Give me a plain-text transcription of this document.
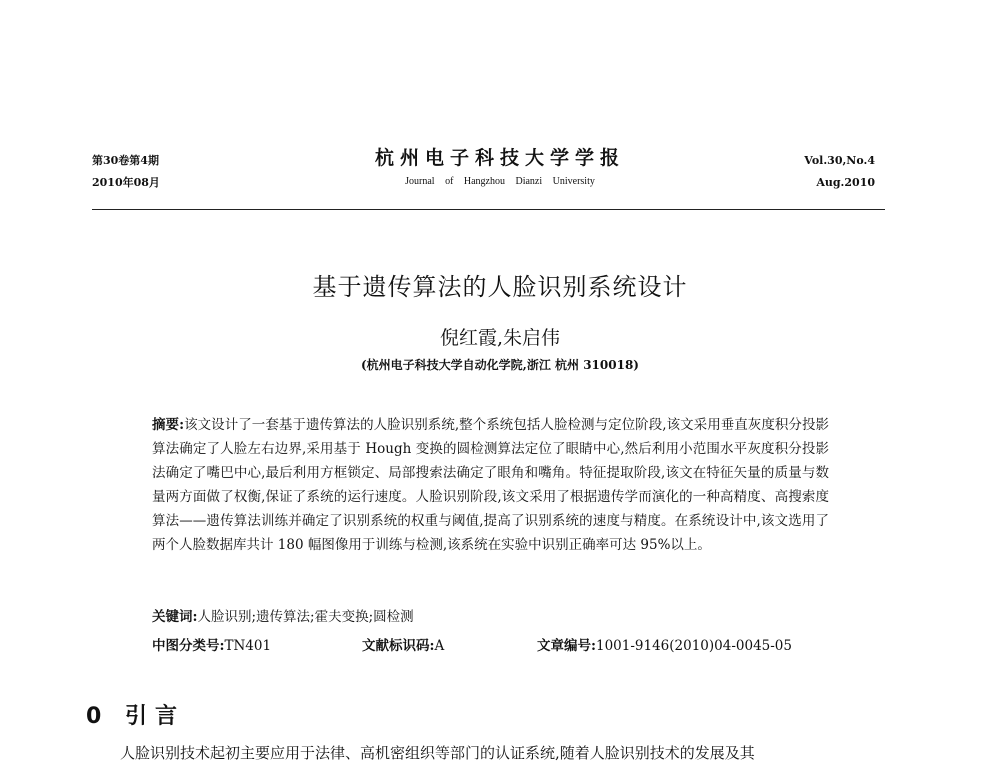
第30卷第4期
2010年08月
杭州电子科技大学学报
Journal of Hangzhou Dianzi University
Vol.30,No.4
Aug.2010
基于遗传算法的人脸识别系统设计
倪红霞,朱启伟
(杭州电子科技大学自动化学院,浙江 杭州 310018)
摘要:该文设计了一套基于遗传算法的人脸识别系统,整个系统包括人脸检测与定位阶段,该文采用垂直灰度积分投影算法确定了人脸左右边界,采用基于 Hough 变换的圆检测算法定位了眼睛中心,然后利用小范围水平灰度积分投影法确定了嘴巴中心,最后利用方框锁定、局部搜索法确定了眼角和嘴角。特征提取阶段,该文在特征矢量的质量与数量两方面做了权衡,保证了系统的运行速度。人脸识别阶段,该文采用了根据遗传学而演化的一种高精度、高搜索度算法——遗传算法训练并确定了识别系统的权重与阈值,提高了识别系统的速度与精度。在系统设计中,该文选用了两个人脸数据库共计 180 幅图像用于训练与检测,该系统在实验中识别正确率可达 95%以上。
关键词:人脸识别;遗传算法;霍夫变换;圆检测
中图分类号:TN401	文献标识码:A	文章编号:1001-9146(2010)04-0045-05
0 引言
人脸识别技术起初主要应用于法律、高机密组织等部门的认证系统,随着人脸识别技术的发展及其
